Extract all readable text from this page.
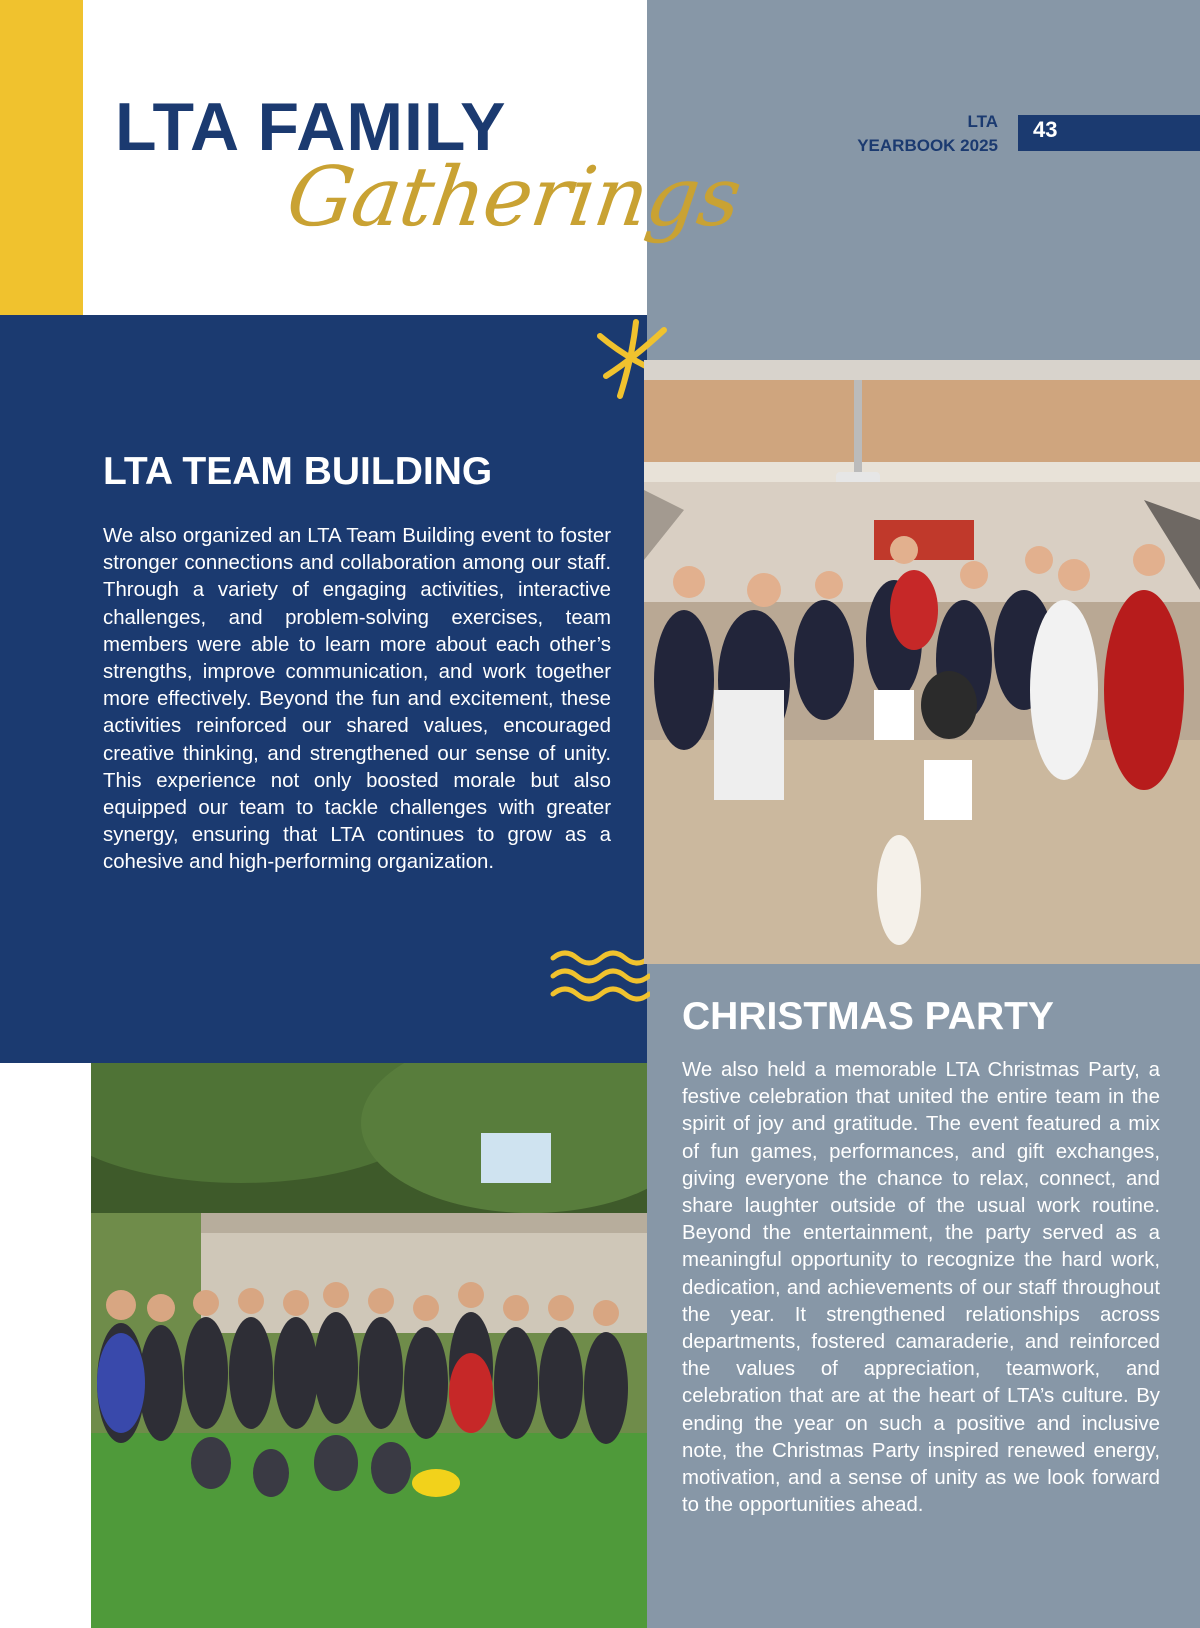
LTA FAMILY
Gatherings
LTA
YEARBOOK 2025
43
LTA TEAM BUILDING
We also organized an LTA Team Building event to foster stronger connections and collaboration among our staff. Through a variety of engaging activities, interactive challenges, and problem-solving exercises, team members were able to learn more about each other’s strengths, improve communication, and work together more effectively. Beyond the fun and excitement, these activities reinforced our shared values, encouraged creative thinking, and strengthened our sense of unity. This experience not only boosted morale but also equipped our team to tackle challenges with greater synergy, ensuring that LTA continues to grow as a cohesive and high-performing organization.
CHRISTMAS PARTY
We also held a memorable LTA Christmas Party, a festive celebration that united the entire team in the spirit of joy and gratitude. The event featured a mix of fun games, performances, and gift exchanges, giving everyone the chance to relax, connect, and share laughter outside of the usual work routine. Beyond the entertainment, the party served as a meaningful opportunity to recognize the hard work, dedication, and achievements of our staff throughout the year. It strengthened relationships across departments, fostered camaraderie, and reinforced the values of appreciation, teamwork, and celebration that are at the heart of LTA’s culture. By ending the year on such a positive and inclusive note, the Christmas Party inspired renewed energy, motivation, and a sense of unity as we look forward to the opportunities ahead.
